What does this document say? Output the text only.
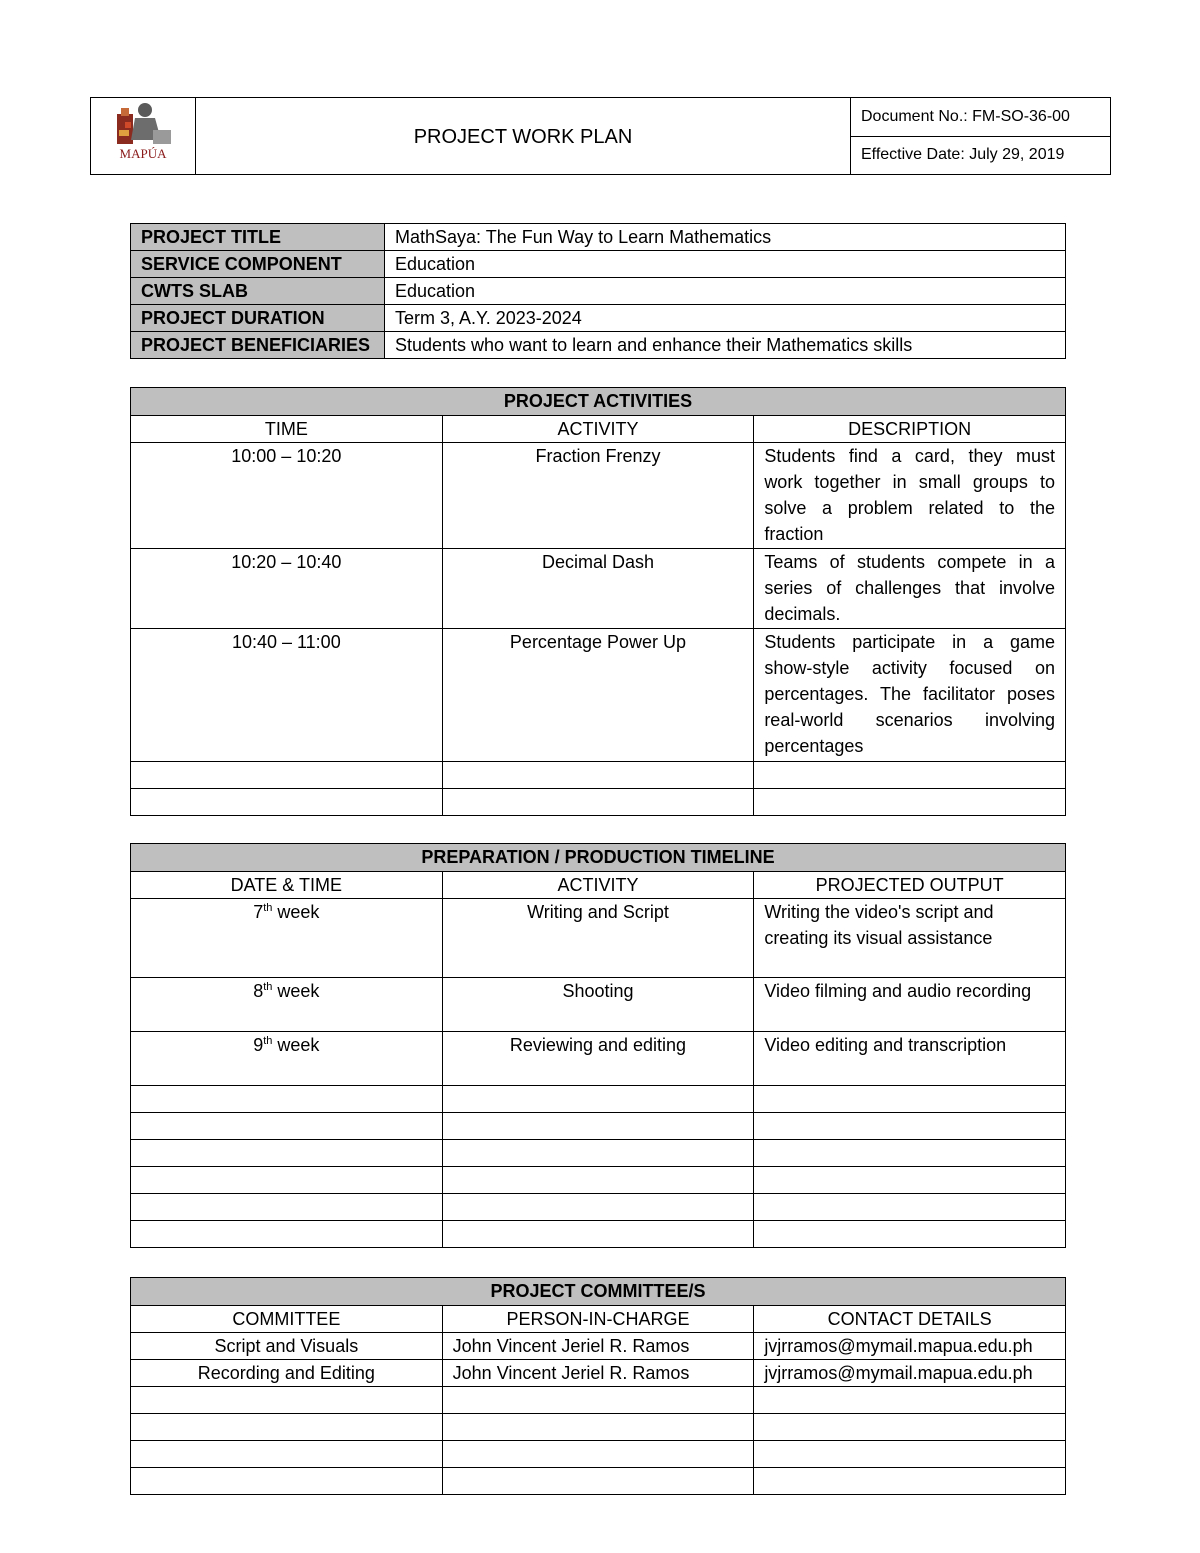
MAPÚA
	PROJECT WORK PLAN	Document No.: FM-SO-36-00
Effective Date: July 29, 2019
PROJECT TITLE	MathSaya: The Fun Way to Learn Mathematics
SERVICE COMPONENT	Education
CWTS SLAB	Education
PROJECT DURATION	Term 3, A.Y. 2023-2024
PROJECT BENEFICIARIES	Students who want to learn and enhance their Mathematics skills
PROJECT ACTIVITIES		
TIME	ACTIVITY	DESCRIPTION
10:00 – 10:20	Fraction Frenzy	Students find a card, they must work together in small groups to solve a problem related to the fraction
10:20 – 10:40	Decimal Dash	Teams of students compete in a series of challenges that involve decimals.
10:40 – 11:00	Percentage Power Up	Students participate in a game show-style activity focused on percentages. The facilitator poses real-world scenarios involving percentages

PREPARATION / PRODUCTION TIMELINE		
DATE & TIME	ACTIVITY	PROJECTED OUTPUT
7th week	Writing and Script	Writing the video's script and creating its visual assistance
8th week	Shooting	Video filming and audio recording
9th week	Reviewing and editing	Video editing and transcription

PROJECT COMMITTEE/S		
COMMITTEE	PERSON-IN-CHARGE	CONTACT DETAILS
Script and Visuals	John Vincent Jeriel R. Ramos	jvjrramos@mymail.mapua.edu.ph
Recording and Editing	John Vincent Jeriel R. Ramos	jvjrramos@mymail.mapua.edu.ph
